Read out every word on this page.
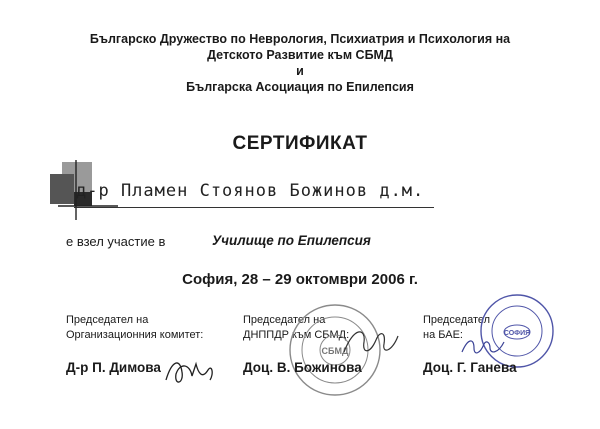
Българско Дружество по Неврология, Психиатрия и Психология на
Детското Развитие към СБМД
и
Българска Асоциация по Епилепсия
СЕРТИФИКАТ
д-р Пламен Стоянов Божинов д.м.
е взел участие в	Училище по Епилепсия
София, 28 – 29 октомври 2006 г.
Председател на
Организационния комитет:
Д-р П. Димова
Председател на
ДНППДР към СБМД:
СБМД
Доц. В. Божинова
Председател
на БАЕ:	СОФИЯ
Доц. Г. Ганева
